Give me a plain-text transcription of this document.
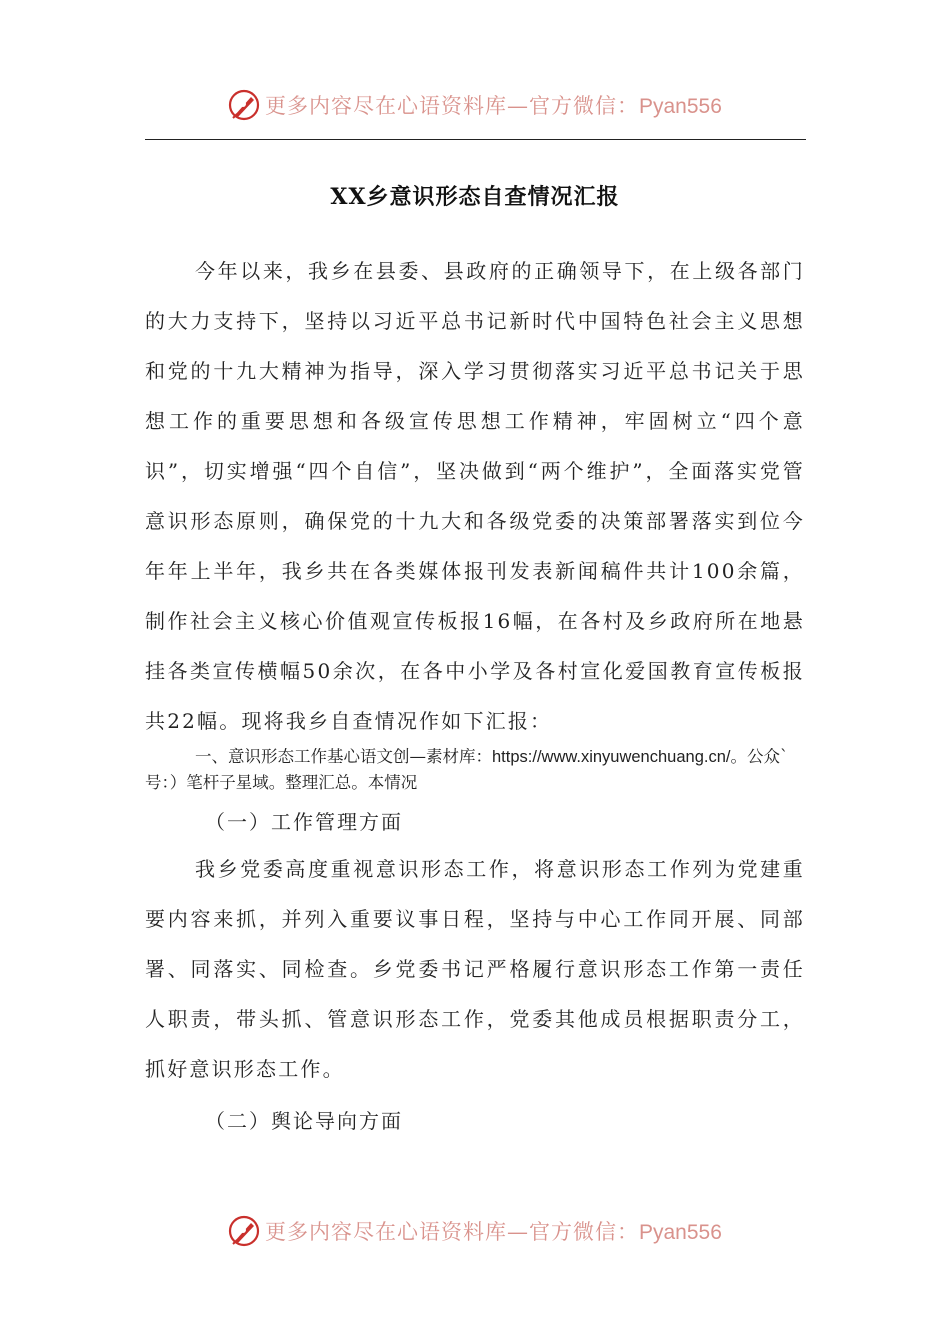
更多内容尽在心语资料库—官方微信：Pyan556
XX乡意识形态自查情况汇报

今年以来，我乡在县委、县政府的正确领导下，在上级各部门的大力支持下，坚持以习近平总书记新时代中国特色社会主义思想和党的十九大精神为指导，深入学习贯彻落实习近平总书记关于思想工作的重要思想和各级宣传思想工作精神，牢固树立“四个意识”，切实增强“四个自信”，坚决做到“两个维护”，全面落实党管意识形态原则，确保党的十九大和各级党委的决策部署落实到位今年年上半年，我乡共在各类媒体报刊发表新闻稿件共计100余篇，制作社会主义核心价值观宣传板报16幅，在各村及乡政府所在地悬挂各类宣传横幅50余次，在各中小学及各村宣化爱国教育宣传板报共22幅。现将我乡自查情况作如下汇报：

一、意识形态工作基心语文创—素材库：https://www.xinyuwenchuang.cn/。公众`号：）笔杆子星域。整理汇总。本情况

（一）工作管理方面

我乡党委高度重视意识形态工作，将意识形态工作列为党建重要内容来抓，并列入重要议事日程，坚持与中心工作同开展、同部署、同落实、同检查。乡党委书记严格履行意识形态工作第一责任人职责，带头抓、管意识形态工作，党委其他成员根据职责分工，抓好意识形态工作。

（二）舆论导向方面

更多内容尽在心语资料库—官方微信：Pyan556
